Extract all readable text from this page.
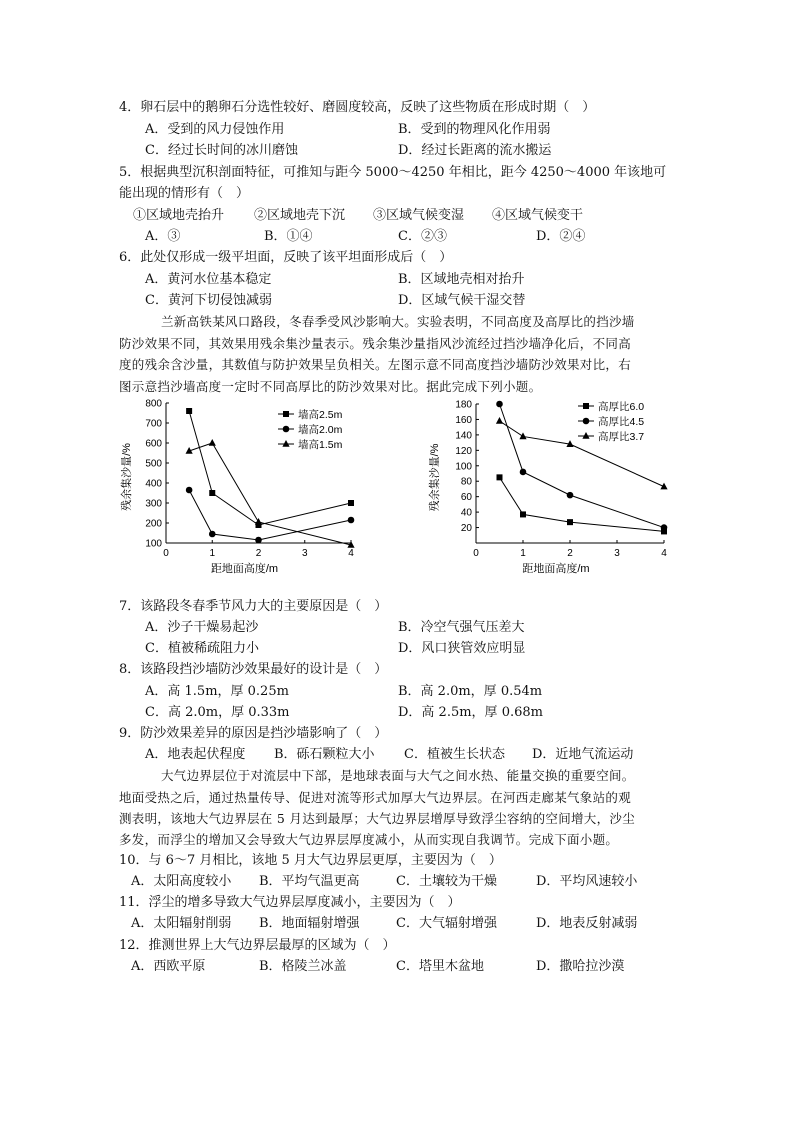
4．卵石层中的鹅卵石分选性较好、磨圆度较高，反映了这些物质在形成时期（　）
A．受到的风力侵蚀作用	B．受到的物理风化作用弱
C．经过长时间的冰川磨蚀	D．经过长距离的流水搬运
5．根据典型沉积剖面特征，可推知与距今 5000～4250 年相比，距今 4250～4000 年该地可
能出现的情形有（　）
①区域地壳抬升 ②区域地壳下沉 ③区域气候变湿 ④区域气候变干
A．③	B．①④	C．②③	D．②④
6．此处仅形成一级平坦面，反映了该平坦面形成后（　）
A．黄河水位基本稳定	B．区域地壳相对抬升
C．黄河下切侵蚀减弱	D．区域气候干湿交替
兰新高铁某风口路段，冬春季受风沙影响大。实验表明，不同高度及高厚比的挡沙墙
防沙效果不同，其效果用残余集沙量表示。残余集沙量指风沙流经过挡沙墙净化后，不同高
度的残余含沙量，其数值与防护效果呈负相关。左图示意不同高度挡沙墙防沙效果对比，右
图示意挡沙墙高度一定时不同高厚比的防沙效果对比。据此完成下列小题。
0	1	2	3	4
100
200
300
400
500
600
700
800
距地面高度/m
残余集沙量/%
墙高2.5m
墙高2.0m
墙高1.5m
0	1	2	3	4
20
40
60
80
100
120
140
160
180
距地面高度/m
残余集沙量/%
高厚比6.0
高厚比4.5
高厚比3.7
7．该路段冬春季节风力大的主要原因是（　）
A．沙子干燥易起沙	B．冷空气强气压差大
C．植被稀疏阻力小	D．风口狭管效应明显
8．该路段挡沙墙防沙效果最好的设计是（　）
A．高 1.5m，厚 0.25m	B．高 2.0m，厚 0.54m
C．高 2.0m，厚 0.33m	D．高 2.5m，厚 0.68m
9．防沙效果差异的原因是挡沙墙影响了（　）
A．地表起伏程度 B．砾石颗粒大小 C．植被生长状态 D．近地气流运动
大气边界层位于对流层中下部，是地球表面与大气之间水热、能量交换的重要空间。
地面受热之后，通过热量传导、促进对流等形式加厚大气边界层。在河西走廊某气象站的观
测表明，该地大气边界层在 5 月达到最厚；大气边界层增厚导致浮尘容纳的空间增大，沙尘
多发，而浮尘的增加又会导致大气边界层厚度减小，从而实现自我调节。完成下面小题。
10．与 6～7 月相比，该地 5 月大气边界层更厚，主要因为（　）
A．太阳高度较小 B．平均气温更高	C．土壤较为干燥	D．平均风速较小
11．浮尘的增多导致大气边界层厚度减小，主要因为（　）
A．太阳辐射削弱 B．地面辐射增强	C．大气辐射增强	D．地表反射减弱
12．推测世界上大气边界层最厚的区域为（　）
A．西欧平原	B．格陵兰冰盖	C．塔里木盆地	D．撒哈拉沙漠
